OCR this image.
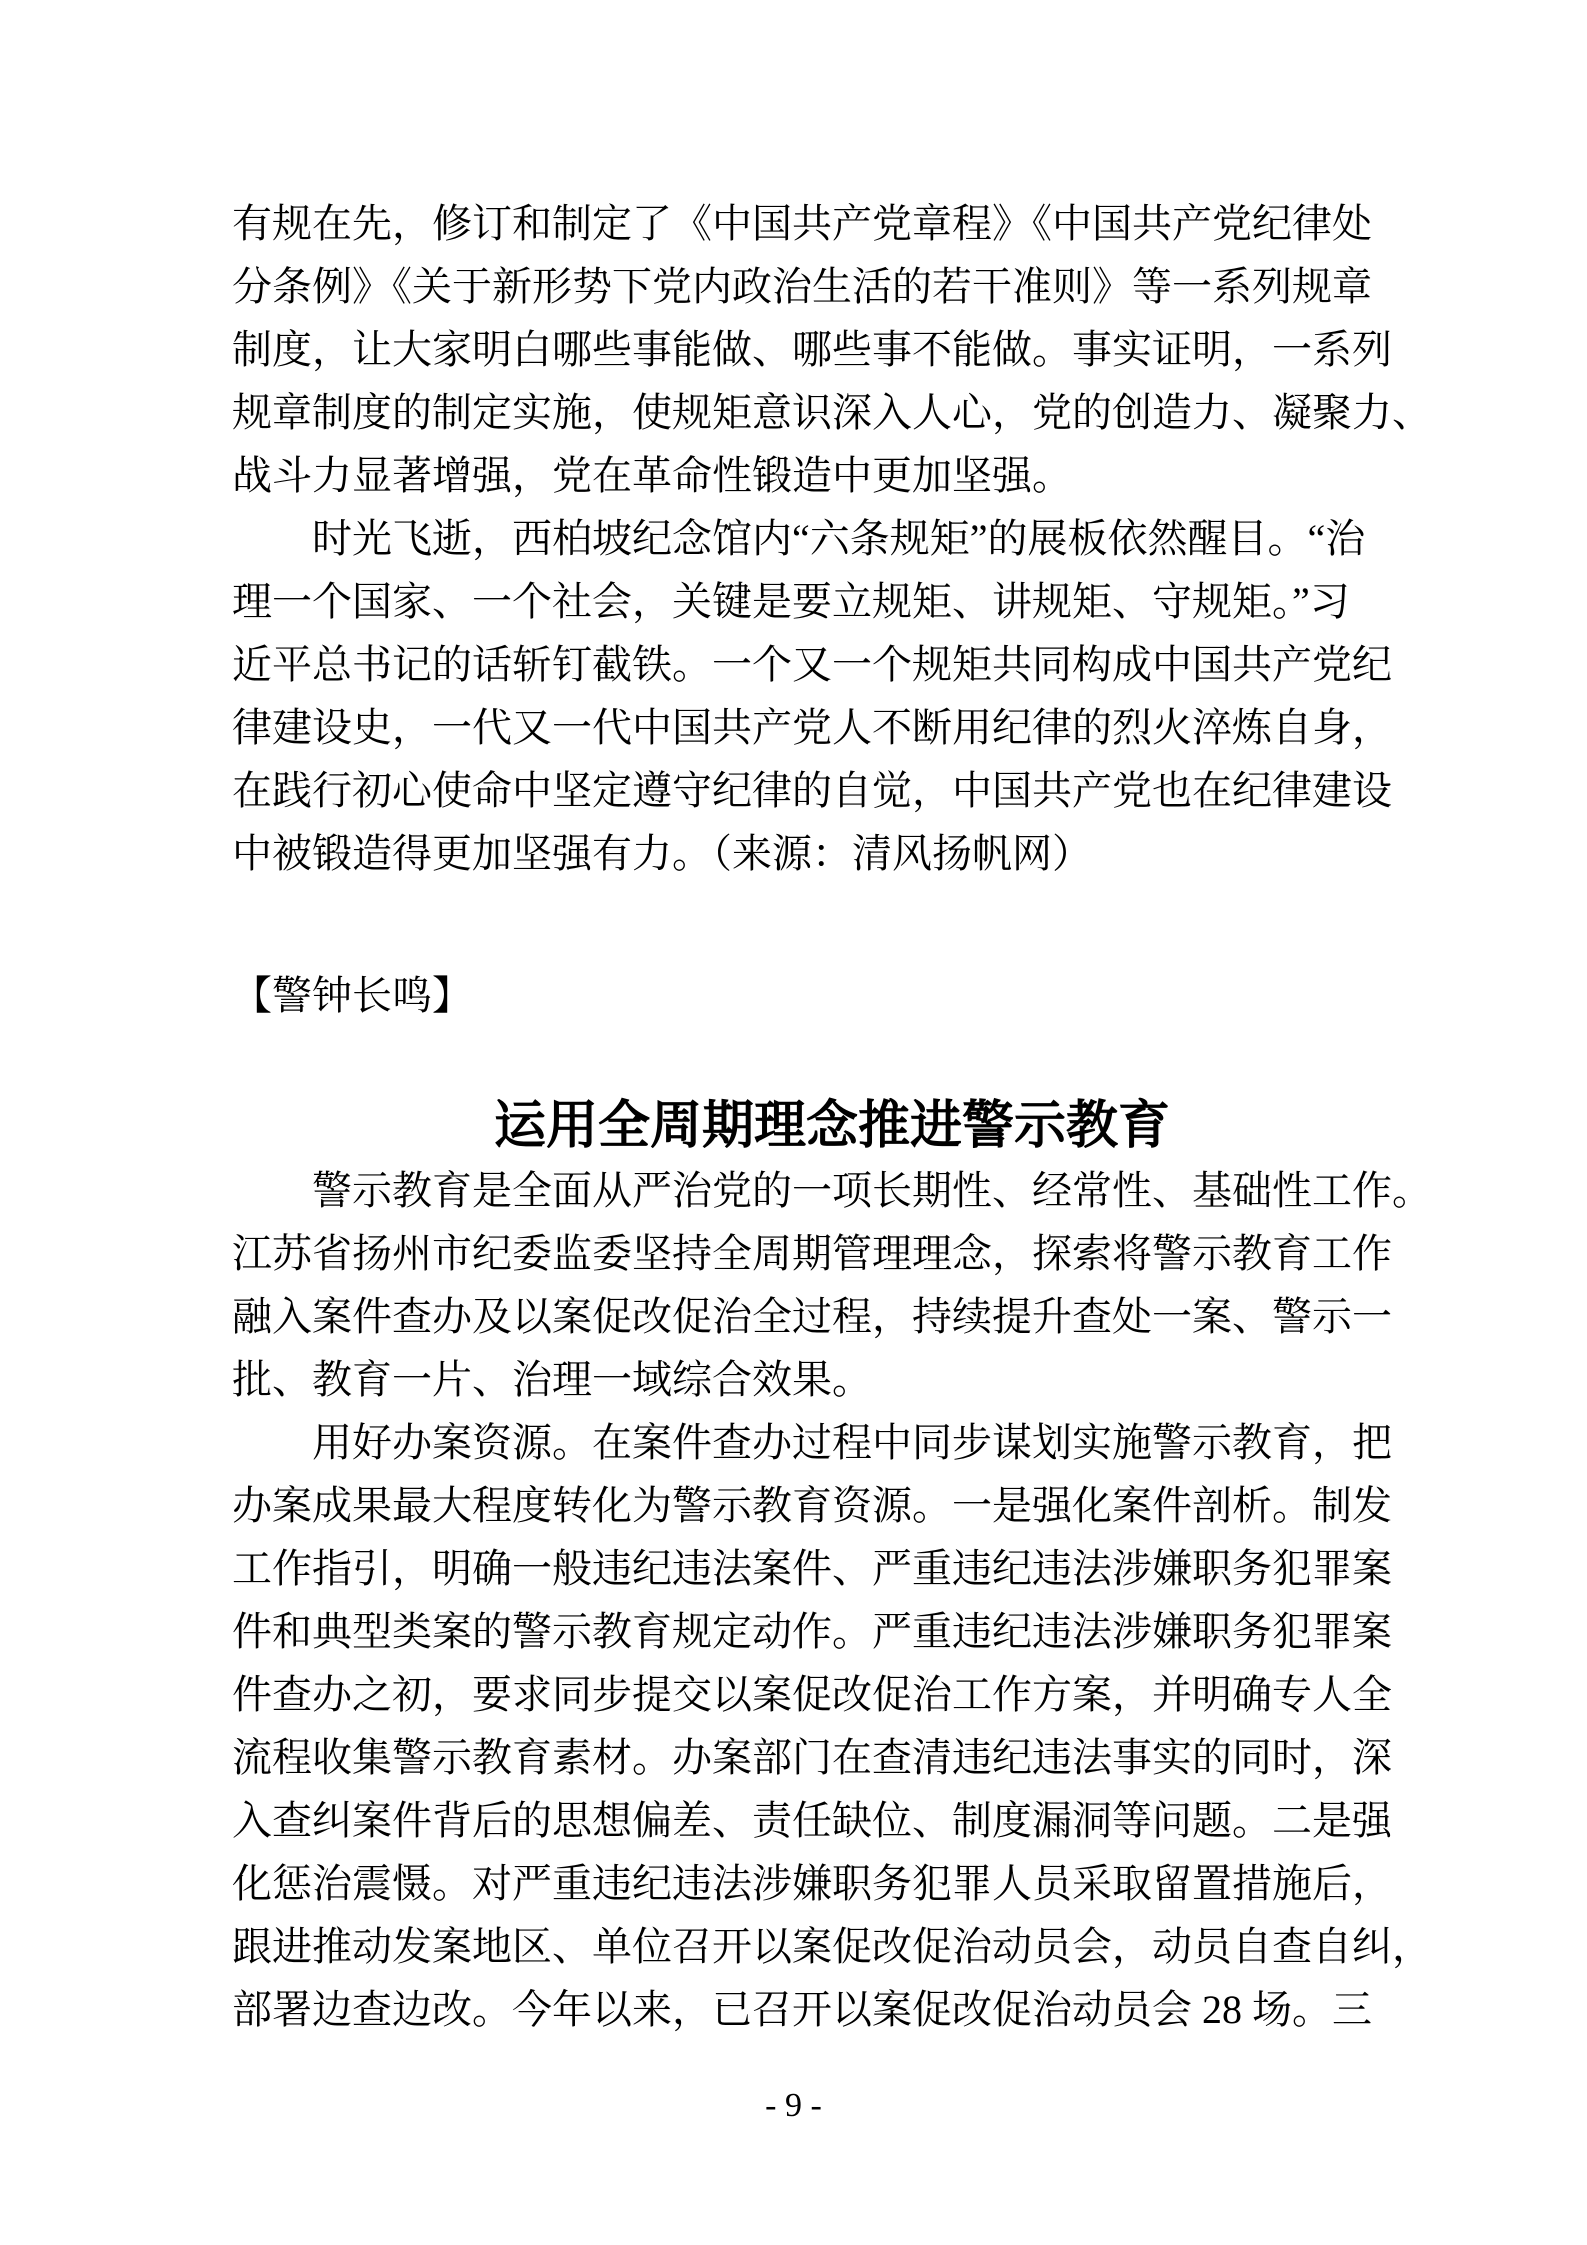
有规在先，修订和制定了《中国共产党章程》《中国共产党纪律处
分条例》《关于新形势下党内政治生活的若干准则》等一系列规章
制度，让大家明白哪些事能做、哪些事不能做。事实证明，一系列
规章制度的制定实施，使规矩意识深入人心，党的创造力、凝聚力、
战斗力显著增强，党在革命性锻造中更加坚强。
时光飞逝，西柏坡纪念馆内“六条规矩”的展板依然醒目。“治
理一个国家、一个社会，关键是要立规矩、讲规矩、守规矩。”习
近平总书记的话斩钉截铁。一个又一个规矩共同构成中国共产党纪
律建设史，一代又一代中国共产党人不断用纪律的烈火淬炼自身，
在践行初心使命中坚定遵守纪律的自觉，中国共产党也在纪律建设
中被锻造得更加坚强有力。（来源：清风扬帆网）
【警钟长鸣】
运用全周期理念推进警示教育
警示教育是全面从严治党的一项长期性、经常性、基础性工作。
江苏省扬州市纪委监委坚持全周期管理理念，探索将警示教育工作
融入案件查办及以案促改促治全过程，持续提升查处一案、警示一
批、教育一片、治理一域综合效果。
用好办案资源。在案件查办过程中同步谋划实施警示教育，把
办案成果最大程度转化为警示教育资源。一是强化案件剖析。制发
工作指引，明确一般违纪违法案件、严重违纪违法涉嫌职务犯罪案
件和典型类案的警示教育规定动作。严重违纪违法涉嫌职务犯罪案
件查办之初，要求同步提交以案促改促治工作方案，并明确专人全
流程收集警示教育素材。办案部门在查清违纪违法事实的同时，深
入查纠案件背后的思想偏差、责任缺位、制度漏洞等问题。二是强
化惩治震慑。对严重违纪违法涉嫌职务犯罪人员采取留置措施后，
跟进推动发案地区、单位召开以案促改促治动员会，动员自查自纠，
部署边查边改。今年以来，已召开以案促改促治动员会 28 场。三
- 9 -
